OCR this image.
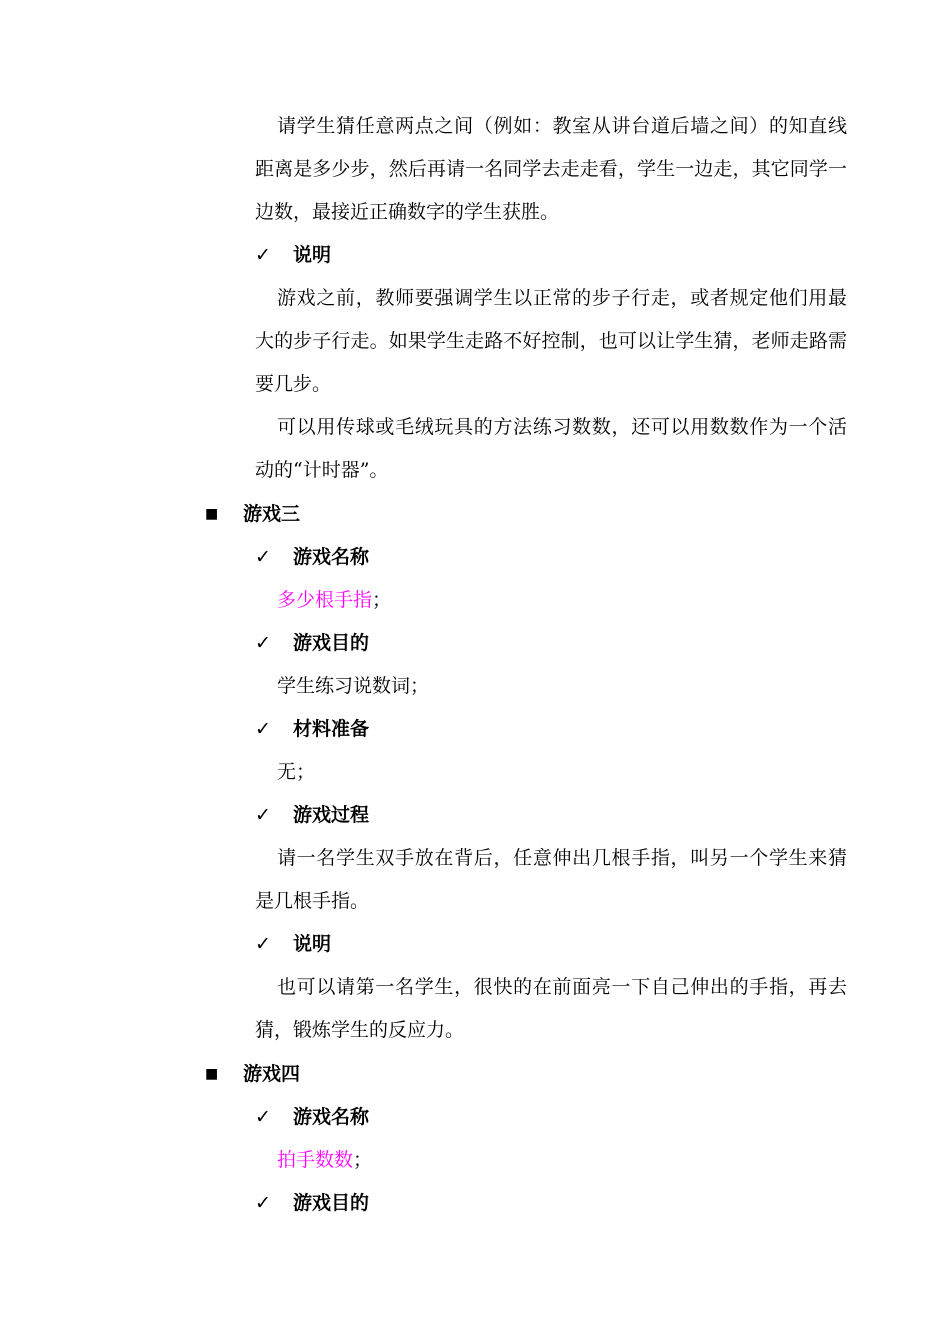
请学生猜任意两点之间（例如：教室从讲台道后墙之间）的知直线
距离是多少步，然后再请一名同学去走走看，学生一边走，其它同学一
边数，最接近正确数字的学生获胜。
✓ 说明
游戏之前，教师要强调学生以正常的步子行走，或者规定他们用最
大的步子行走。如果学生走路不好控制，也可以让学生猜，老师走路需
要几步。
可以用传球或毛绒玩具的方法练习数数，还可以用数数作为一个活
动的“计时器”。
■ 游戏三
✓ 游戏名称
多少根手指；
✓ 游戏目的
学生练习说数词；
✓ 材料准备
无；
✓ 游戏过程
请一名学生双手放在背后，任意伸出几根手指，叫另一个学生来猜
是几根手指。
✓ 说明
也可以请第一名学生，很快的在前面亮一下自己伸出的手指，再去
猜，锻炼学生的反应力。
■ 游戏四
✓ 游戏名称
拍手数数；
✓ 游戏目的
